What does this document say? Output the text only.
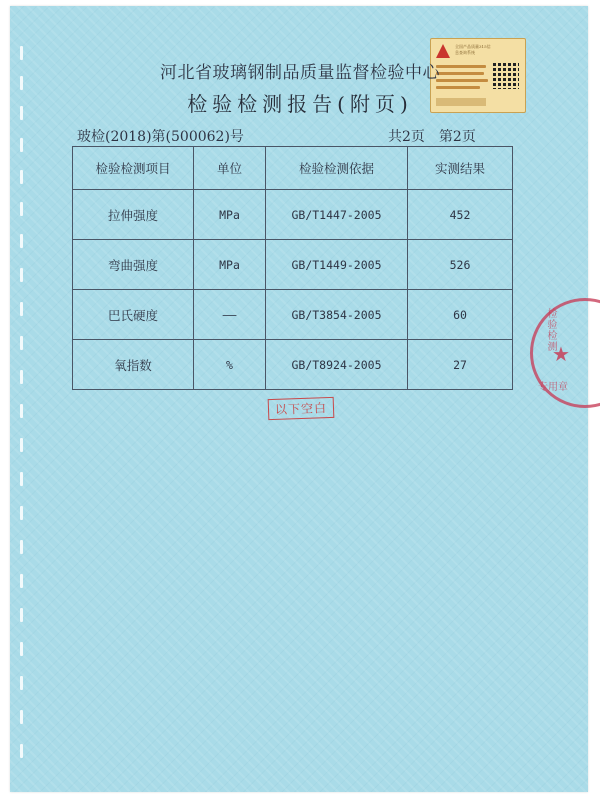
全国产品质量315信息查询系统
河北省玻璃钢制品质量监督检验中心
检验检测报告(附页)
玻检(2018)第(500062)号	共2页 第2页
检验检测项目	单位	检验检测依据	实测结果
拉伸强度	MPa	GB/T1447-2005	452
弯曲强度	MPa	GB/T1449-2005	526
巴氏硬度	——	GB/T3854-2005	60
氧指数	%	GB/T8924-2005	27
以下空白
检验检测
★
专用章
